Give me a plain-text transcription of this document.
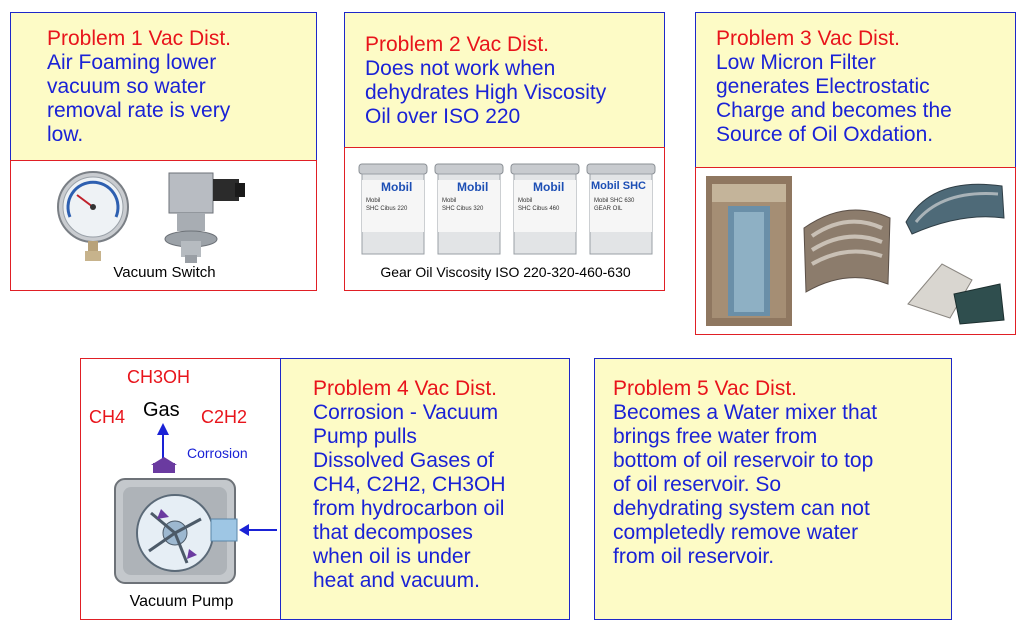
Problem 1 Vac Dist.
Air Foaming lower
vacuum so water
removal rate is very
low.
Vacuum Switch
Problem 2 Vac Dist.
Does not work when
dehydrates High Viscosity
Oil over ISO 220
Mobil
Mobil
SHC Cibus 220
Mobil
Mobil
SHC Cibus 320
Mobil
Mobil
SHC Cibus 460
Mobil SHC
Mobil SHC 630
GEAR OIL
Gear Oil Viscosity ISO 220-320-460-630
Problem 3 Vac Dist.
Low Micron Filter
generates Electrostatic
Charge and becomes the
Source of Oil Oxdation.
CH3OH
CH4 Gas C2H2
Corrosion
Vacuum Pump
Problem 4 Vac Dist.
Corrosion - Vacuum
Pump pulls
Dissolved Gases of
CH4, C2H2, CH3OH
from hydrocarbon oil
that decomposes
when oil is under
heat and vacuum.
Problem 5 Vac Dist.
Becomes a Water mixer that
brings free water from
bottom of oil reservoir to top
of oil reservoir. So
dehydrating system can not
completedly remove water
from oil reservoir.
